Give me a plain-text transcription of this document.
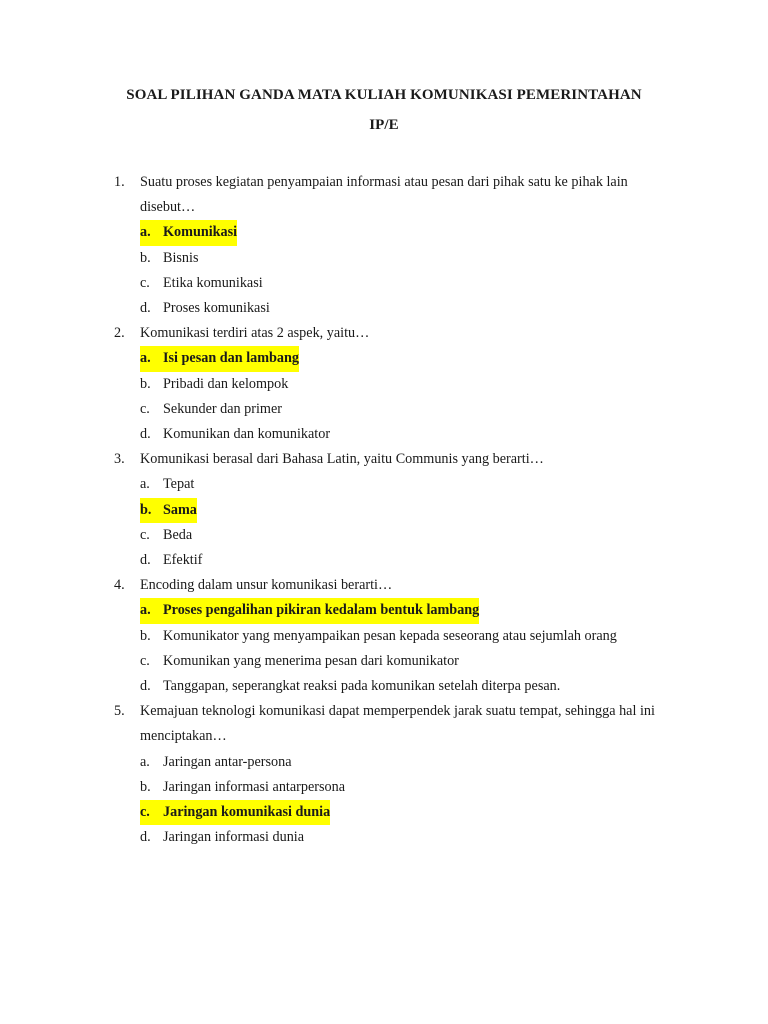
SOAL PILIHAN GANDA MATA KULIAH KOMUNIKASI PEMERINTAHAN
IP/E
1.	Suatu proses kegiatan penyampaian informasi atau pesan dari pihak satu ke pihak lain disebut…
a. Komunikasi
b. Bisnis
c. Etika komunikasi
d. Proses komunikasi
2.	Komunikasi terdiri atas 2 aspek, yaitu…
a. Isi pesan dan lambang
b. Pribadi dan kelompok
c. Sekunder dan primer
d. Komunikan dan komunikator
3.	Komunikasi berasal dari Bahasa Latin, yaitu Communis yang berarti…
a. Tepat
b. Sama
c. Beda
d. Efektif
4.	Encoding dalam unsur komunikasi berarti…
a. Proses pengalihan pikiran kedalam bentuk lambang
b. Komunikator yang menyampaikan pesan kepada seseorang atau sejumlah orang
c. Komunikan yang menerima pesan dari komunikator
d. Tanggapan, seperangkat reaksi pada komunikan setelah diterpa pesan.
5.	Kemajuan teknologi komunikasi dapat memperpendek jarak suatu tempat, sehingga hal ini menciptakan…
a. Jaringan antar-persona
b. Jaringan informasi antarpersona
c. Jaringan komunikasi dunia
d. Jaringan informasi dunia
